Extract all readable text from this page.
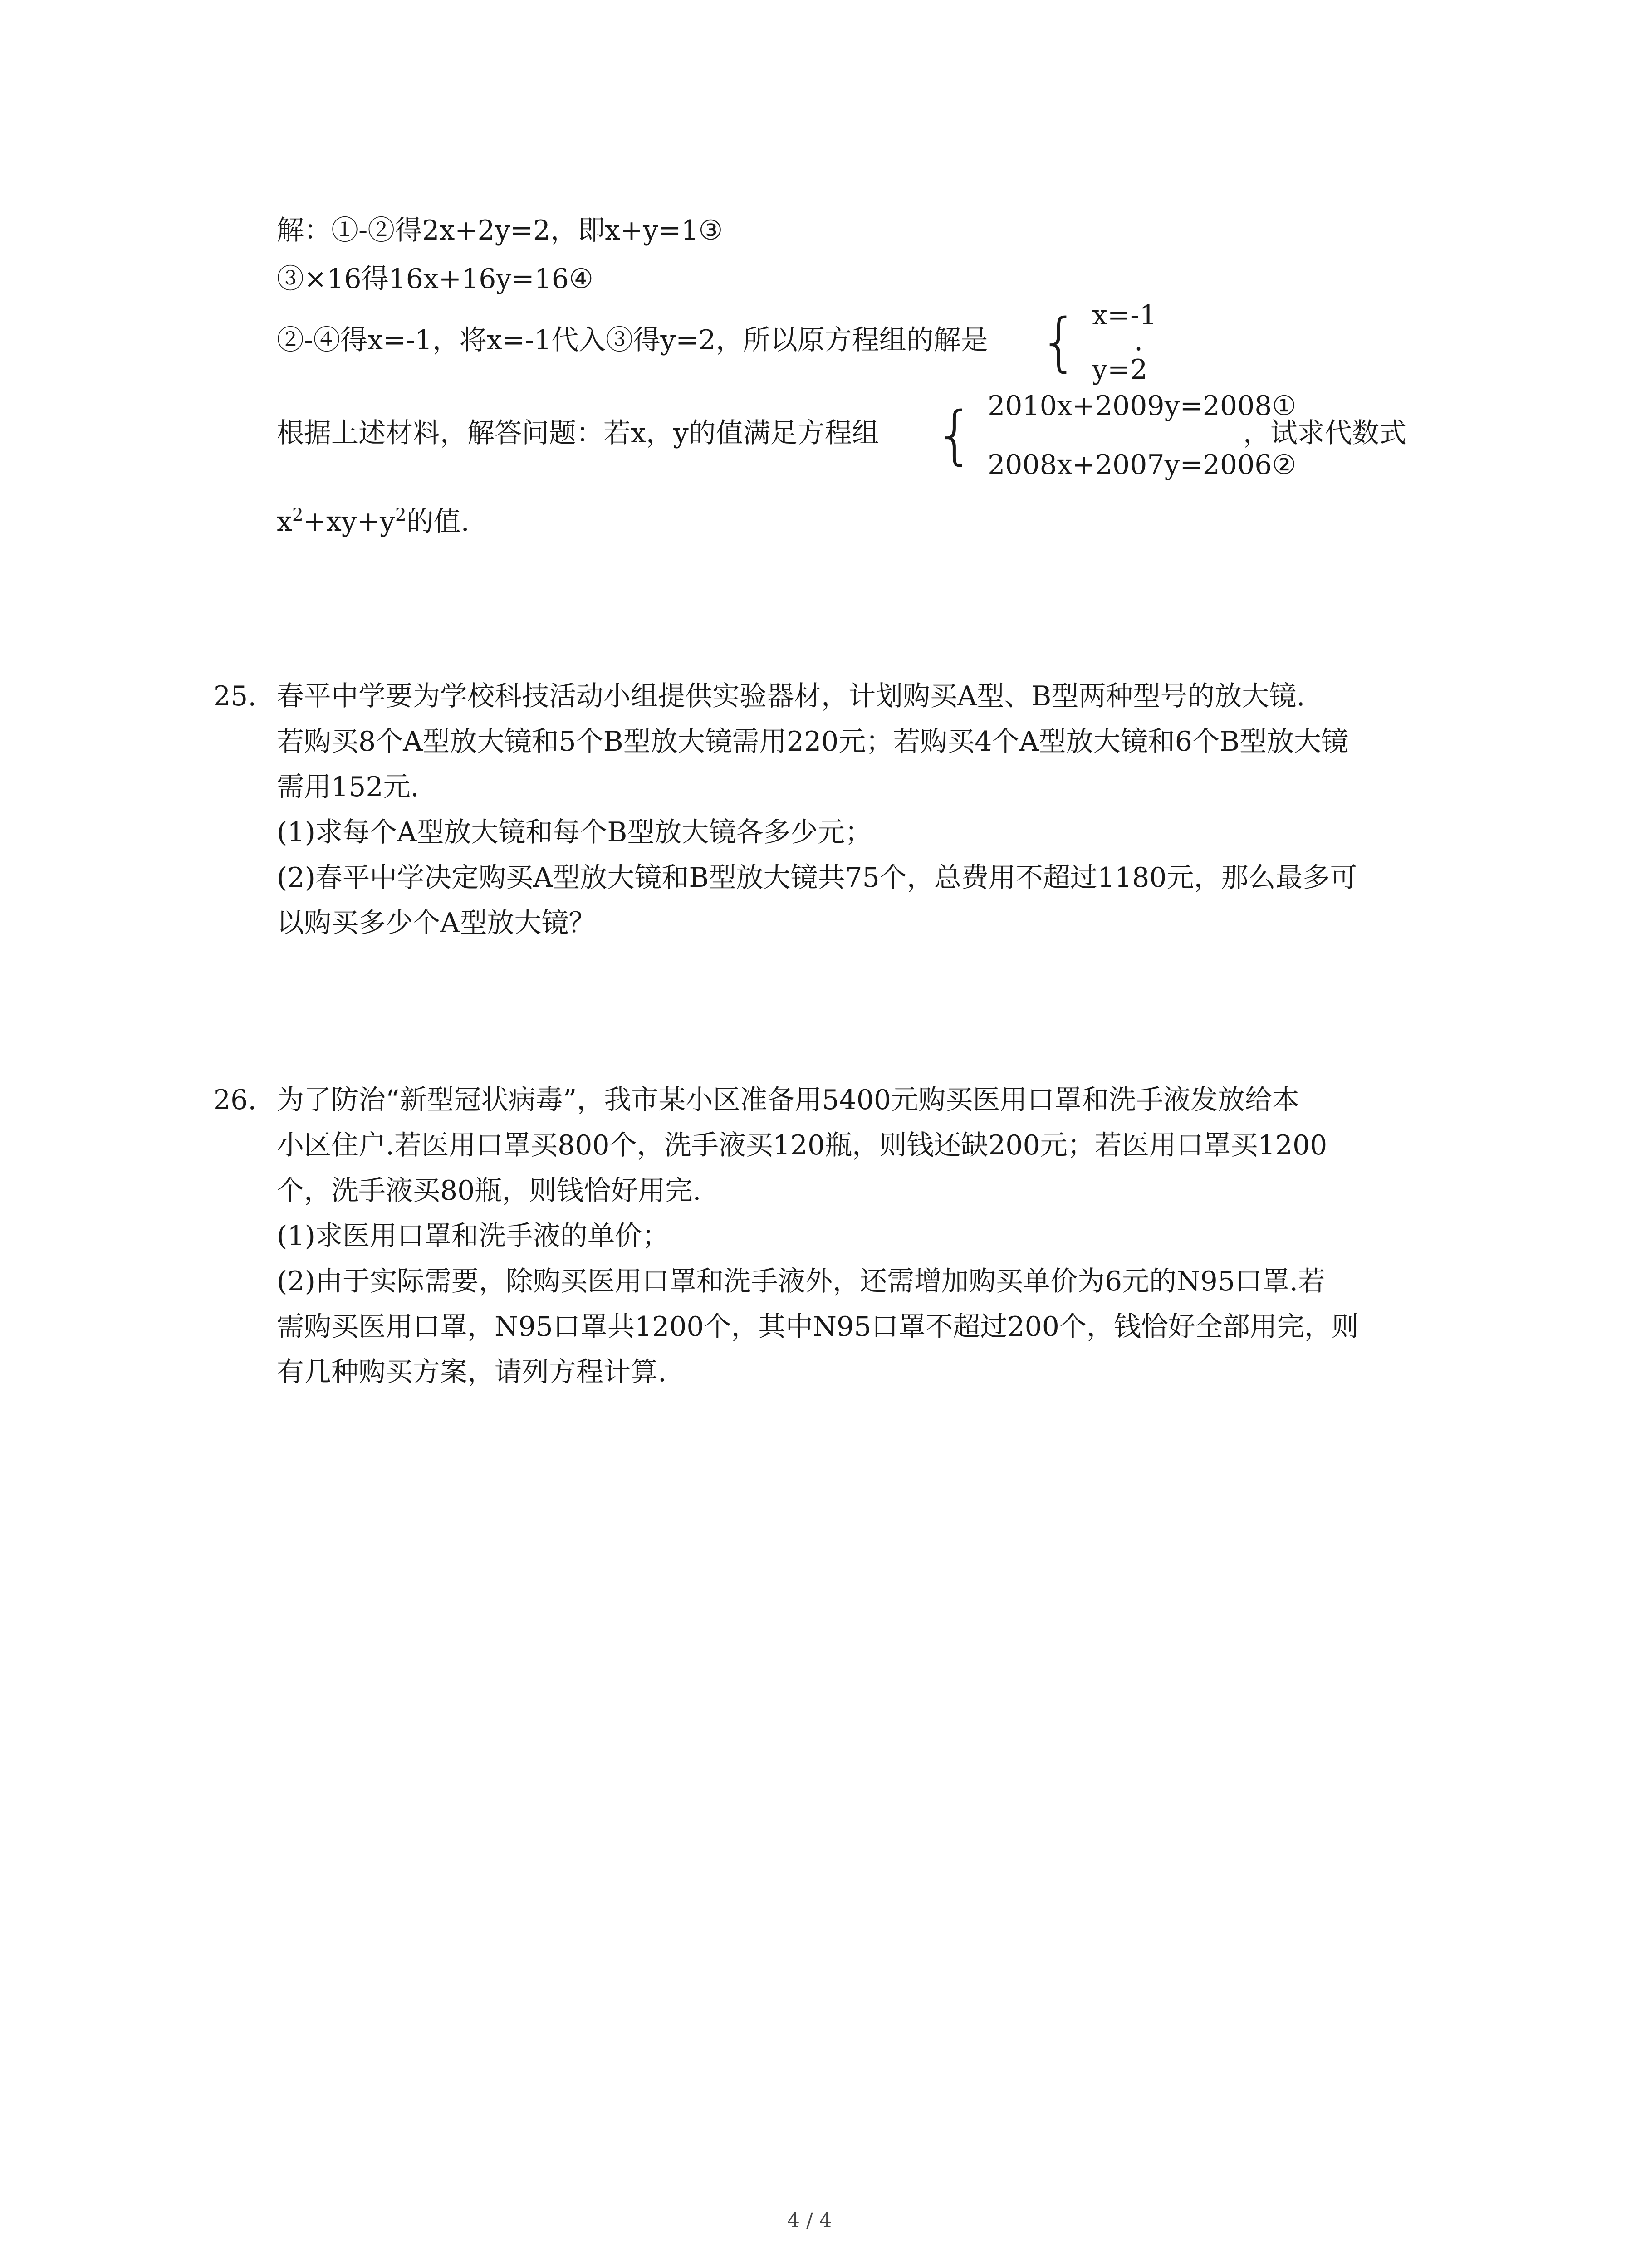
解：①-②得2x+2y=2，即x+y=1③
③×16得16x+16y=16④
②-④得x=-1，将x=-1代入③得y=2，所以原方程组的解是 { x=-1
y=2
.
根据上述材料，解答问题：若x，y的值满足方程组 { 2010x+2009y=2008①
2008x+2007y=2006②
，试求代数式
$x^2+xy+y^2$的值.
25. 春平中学要为学校科技活动小组提供实验器材，计划购买A型、B型两种型号的放大镜.
若购买8个A型放大镜和5个B型放大镜需用220元；若购买4个A型放大镜和6个B型放大镜
需用152元.
(1)求每个A型放大镜和每个B型放大镜各多少元；
(2)春平中学决定购买A型放大镜和B型放大镜共75个，总费用不超过1180元，那么最多可
以购买多少个A型放大镜？
26. 为了防治“新型冠状病毒”，我市某小区准备用5400元购买医用口罩和洗手液发放给本
小区住户.若医用口罩买800个，洗手液买120瓶，则钱还缺200元；若医用口罩买1200
个，洗手液买80瓶，则钱恰好用完.
(1)求医用口罩和洗手液的单价；
(2)由于实际需要，除购买医用口罩和洗手液外，还需增加购买单价为6元的N95口罩.若
需购买医用口罩，N95口罩共1200个，其中N95口罩不超过200个，钱恰好全部用完，则
有几种购买方案，请列方程计算.
4 / 4
